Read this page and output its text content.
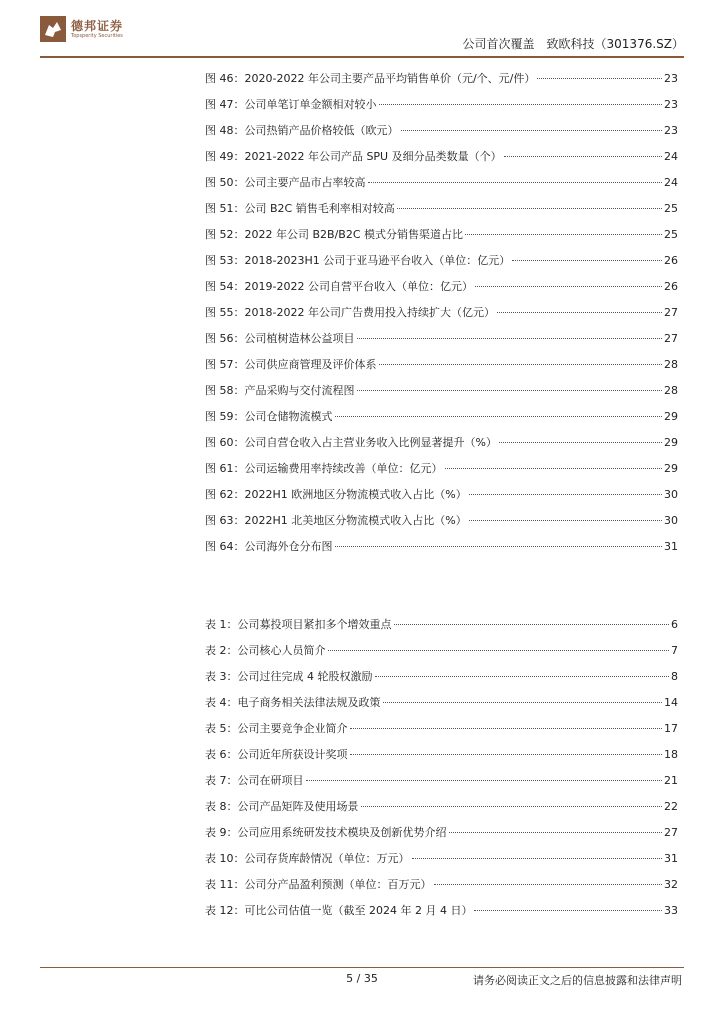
德邦证券
Topsperity Securities
公司首次覆盖　致欧科技（301376.SZ）
图 46：2020-2022 年公司主要产品平均销售单价（元/个、元/件）	23
图 47：公司单笔订单金额相对较小	23
图 48：公司热销产品价格较低（欧元）	23
图 49：2021-2022 年公司产品 SPU 及细分品类数量（个）	24
图 50：公司主要产品市占率较高	24
图 51：公司 B2C 销售毛利率相对较高	25
图 52：2022 年公司 B2B/B2C 模式分销售渠道占比	25
图 53：2018-2023H1 公司于亚马逊平台收入（单位：亿元）	26
图 54：2019-2022 公司自营平台收入（单位：亿元）	26
图 55：2018-2022 年公司广告费用投入持续扩大（亿元）	27
图 56：公司植树造林公益项目	27
图 57：公司供应商管理及评价体系	28
图 58：产品采购与交付流程图	28
图 59：公司仓储物流模式	29
图 60：公司自营仓收入占主营业务收入比例显著提升（%）	29
图 61：公司运输费用率持续改善（单位：亿元）	29
图 62：2022H1 欧洲地区分物流模式收入占比（%）	30
图 63：2022H1 北美地区分物流模式收入占比（%）	30
图 64：公司海外仓分布图	31
表 1：公司募投项目紧扣多个增效重点	6
表 2：公司核心人员简介	7
表 3：公司过往完成 4 轮股权激励	8
表 4：电子商务相关法律法规及政策	14
表 5：公司主要竞争企业简介	17
表 6：公司近年所获设计奖项	18
表 7：公司在研项目	21
表 8：公司产品矩阵及使用场景	22
表 9：公司应用系统研发技术模块及创新优势介绍	27
表 10：公司存货库龄情况（单位：万元）	31
表 11：公司分产品盈利预测（单位：百万元）	32
表 12：可比公司估值一览（截至 2024 年 2 月 4 日）	33
5 / 35	请务必阅读正文之后的信息披露和法律声明
